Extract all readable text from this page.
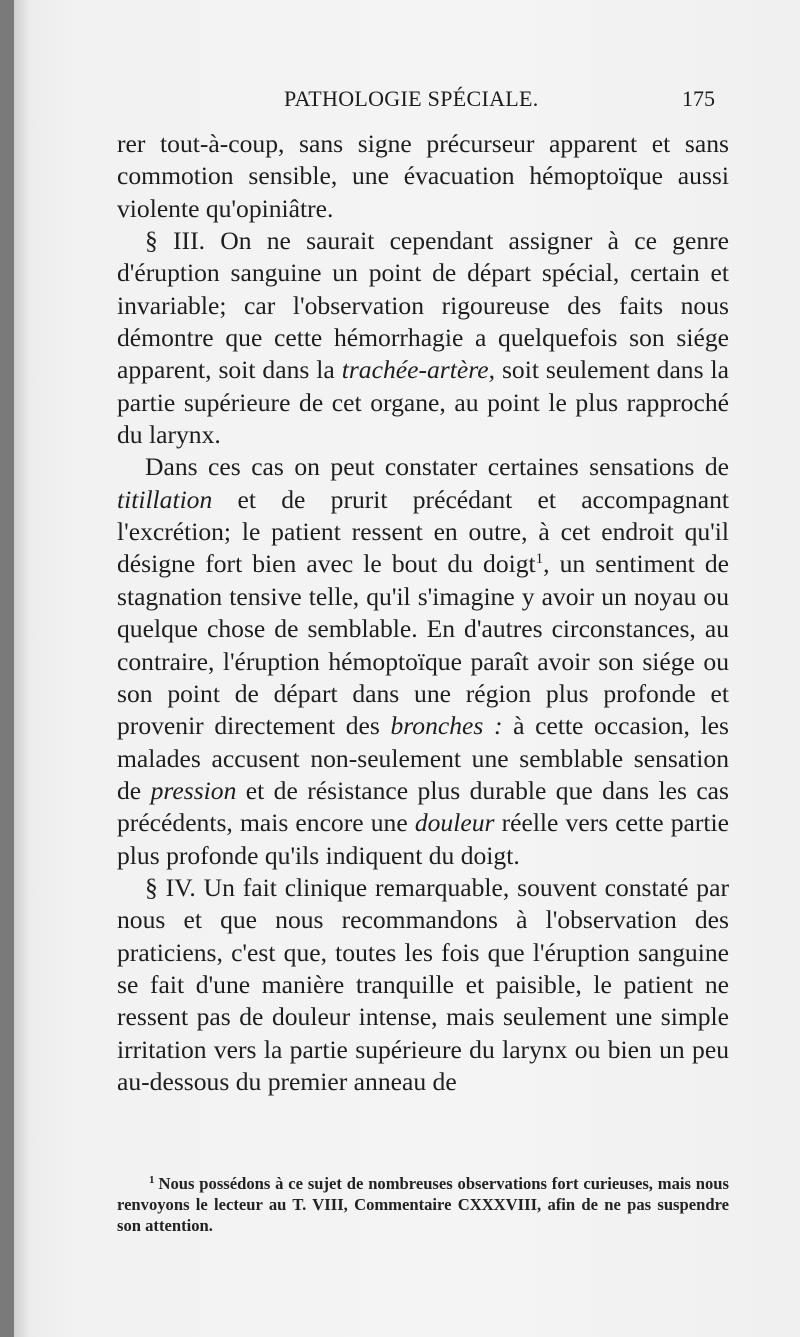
PATHOLOGIE SPÉCIALE.	175

rer tout-à-coup, sans signe précurseur apparent et sans commotion sensible, une évacuation hémoptoïque aussi violente qu'opiniâtre.

§ III. On ne saurait cependant assigner à ce genre d'éruption sanguine un point de départ spécial, certain et invariable; car l'observation rigoureuse des faits nous démontre que cette hémorrhagie a quelquefois son siége apparent, soit dans la trachée-artère, soit seulement dans la partie supérieure de cet organe, au point le plus rapproché du larynx.

Dans ces cas on peut constater certaines sensations de titillation et de prurit précédant et accompagnant l'excrétion; le patient ressent en outre, à cet endroit qu'il désigne fort bien avec le bout du doigt$^1$, un sentiment de stagnation tensive telle, qu'il s'imagine y avoir un noyau ou quelque chose de semblable. En d'autres circonstances, au contraire, l'éruption hémoptoïque paraît avoir son siége ou son point de départ dans une région plus profonde et provenir directement des bronches : à cette occasion, les malades accusent non-seulement une semblable sensation de pression et de résistance plus durable que dans les cas précédents, mais encore une douleur réelle vers cette partie plus profonde qu'ils indiquent du doigt.

§ IV. Un fait clinique remarquable, souvent constaté par nous et que nous recommandons à l'observation des praticiens, c'est que, toutes les fois que l'éruption sanguine se fait d'une manière tranquille et paisible, le patient ne ressent pas de douleur intense, mais seulement une simple irritation vers la partie supérieure du larynx ou bien un peu au-dessous du premier anneau de

$^1$ Nous possédons à ce sujet de nombreuses observations fort curieuses, mais nous renvoyons le lecteur au T. VIII, Commentaire CXXXVIII, afin de ne pas suspendre son attention.
